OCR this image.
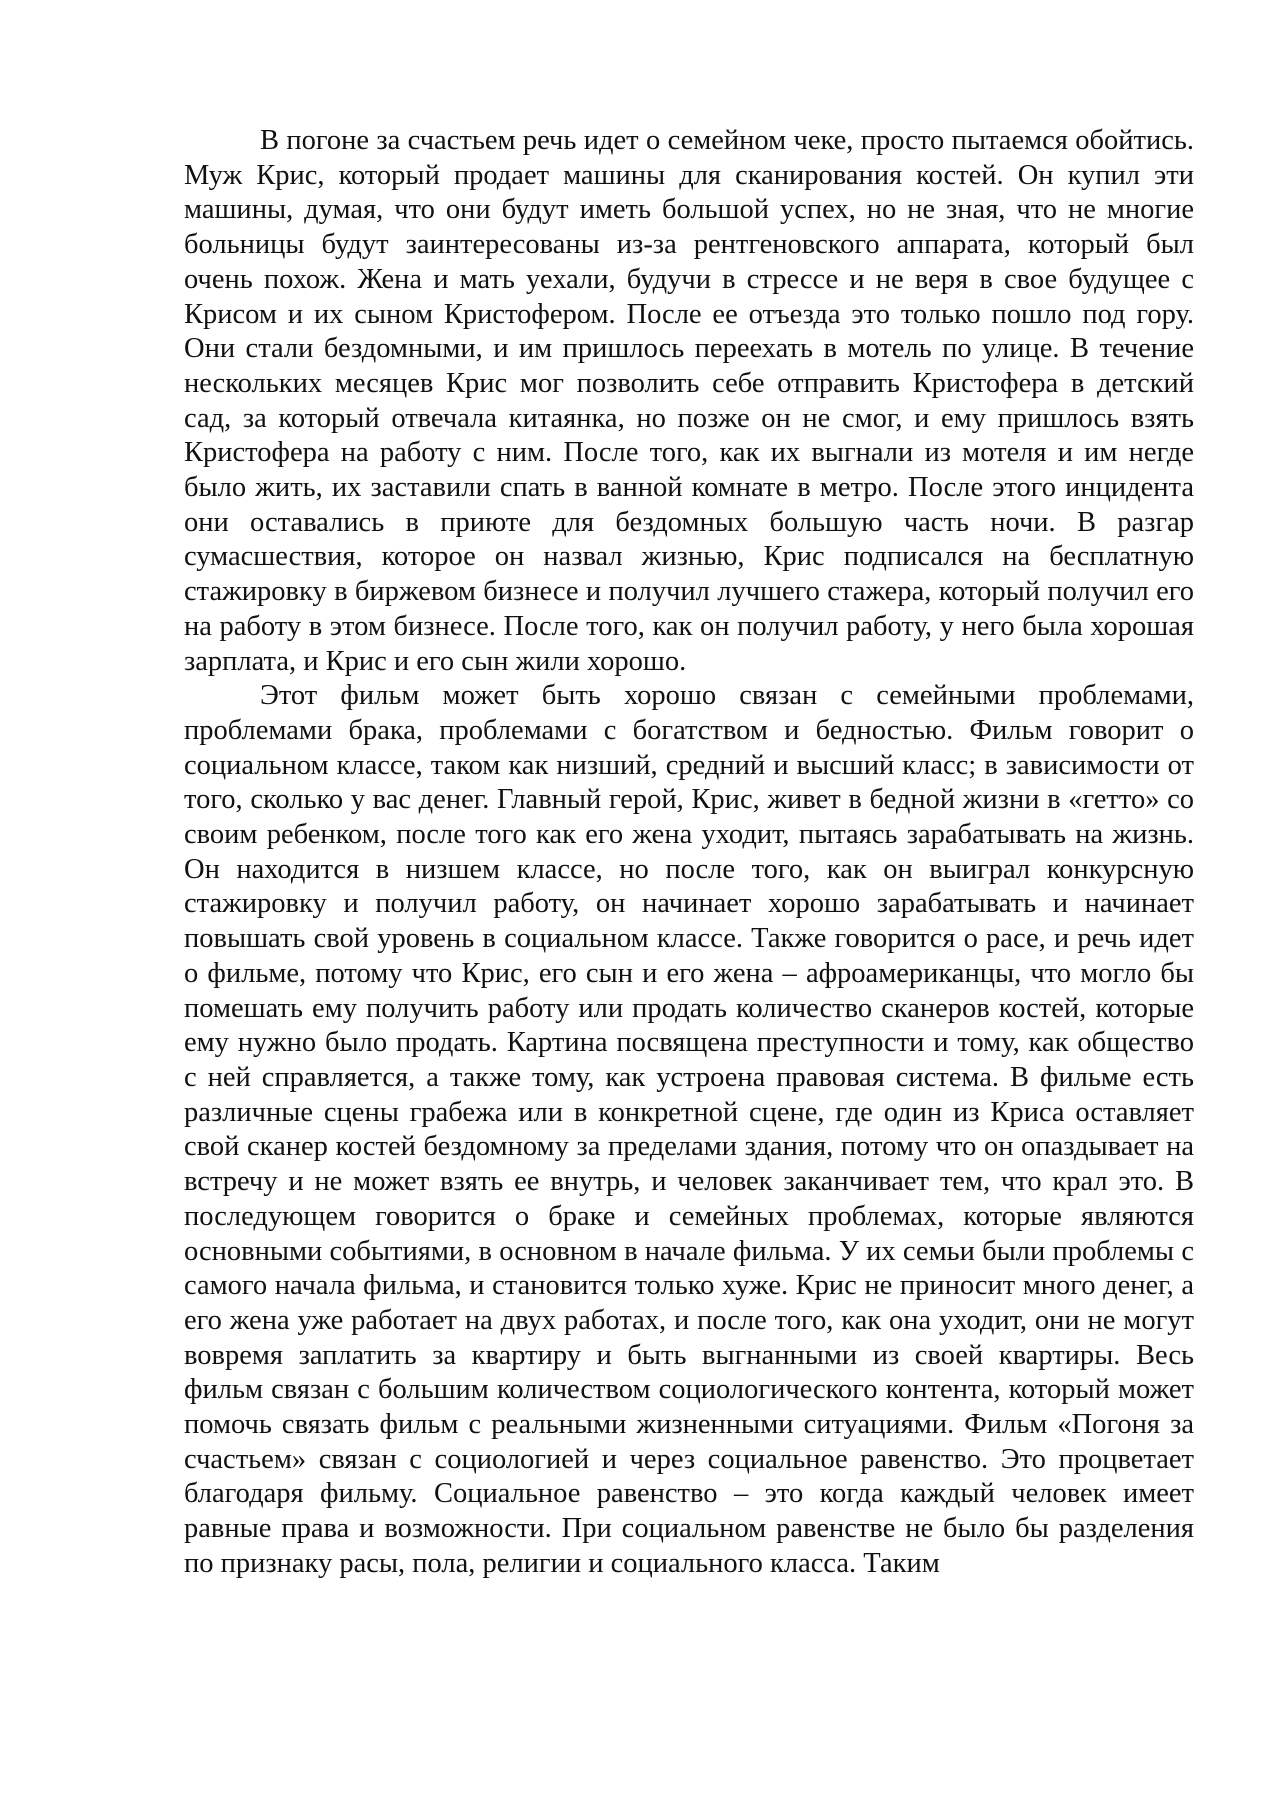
В погоне за счастьем речь идет о семейном чеке, просто пытаемся обойтись. Муж Крис, который продает машины для сканирования костей. Он купил эти машины, думая, что они будут иметь большой успех, но не зная, что не многие больницы будут заинтересованы из-за рентгеновского аппарата, который был очень похож. Жена и мать уехали, будучи в стрессе и не веря в свое будущее с Крисом и их сыном Кристофером. После ее отъезда это только пошло под гору. Они стали бездомными, и им пришлось переехать в мотель по улице. В течение нескольких месяцев Крис мог позволить себе отправить Кристофера в детский сад, за который отвечала китаянка, но позже он не смог, и ему пришлось взять Кристофера на работу с ним. После того, как их выгнали из мотеля и им негде было жить, их заставили спать в ванной комнате в метро. После этого инцидента они оставались в приюте для бездомных большую часть ночи. В разгар сумасшествия, которое он назвал жизнью, Крис подписался на бесплатную стажировку в биржевом бизнесе и получил лучшего стажера, который получил его на работу в этом бизнесе. После того, как он получил работу, у него была хорошая зарплата, и Крис и его сын жили хорошо.

Этот фильм может быть хорошо связан с семейными проблемами, проблемами брака, проблемами с богатством и бедностью. Фильм говорит о социальном классе, таком как низший, средний и высший класс; в зависимости от того, сколько у вас денег. Главный герой, Крис, живет в бедной жизни в «гетто» со своим ребенком, после того как его жена уходит, пытаясь зарабатывать на жизнь. Он находится в низшем классе, но после того, как он выиграл конкурсную стажировку и получил работу, он начинает хорошо зарабатывать и начинает повышать свой уровень в социальном классе. Также говорится о расе, и речь идет о фильме, потому что Крис, его сын и его жена – афроамериканцы, что могло бы помешать ему получить работу или продать количество сканеров костей, которые ему нужно было продать. Картина посвящена преступности и тому, как общество с ней справляется, а также тому, как устроена правовая система. В фильме есть различные сцены грабежа или в конкретной сцене, где один из Криса оставляет свой сканер костей бездомному за пределами здания, потому что он опаздывает на встречу и не может взять ее внутрь, и человек заканчивает тем, что крал это. В последующем говорится о браке и семейных проблемах, которые являются основными событиями, в основном в начале фильма. У их семьи были проблемы с самого начала фильма, и становится только хуже. Крис не приносит много денег, а его жена уже работает на двух работах, и после того, как она уходит, они не могут вовремя заплатить за квартиру и быть выгнанными из своей квартиры. Весь фильм связан с большим количеством социологического контента, который может помочь связать фильм с реальными жизненными ситуациями. Фильм «Погоня за счастьем» связан с социологией и через социальное равенство. Это процветает благодаря фильму. Социальное равенство – это когда каждый человек имеет равные права и возможности. При социальном равенстве не было бы разделения по признаку расы, пола, религии и социального класса. Таким
